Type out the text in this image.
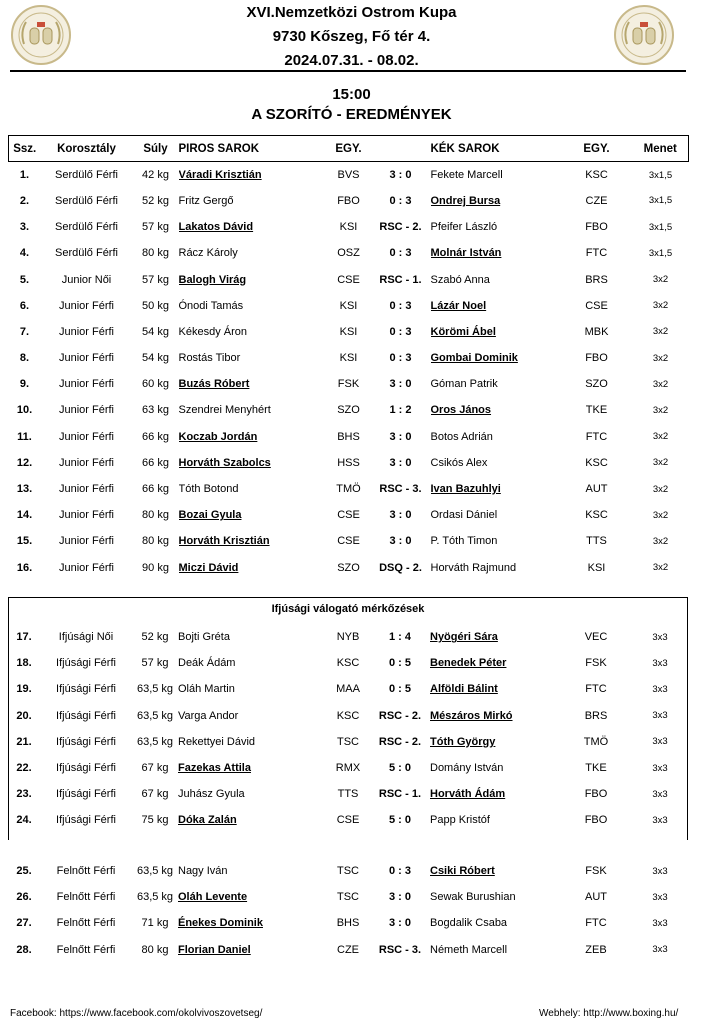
XVI.Nemzetközi Ostrom Kupa
9730 Kőszeg, Fő tér 4.
2024.07.31. - 08.02.
15:00
A SZORÍTÓ - EREDMÉNYEK
Ssz.	Korosztály	Súly	PIROS SAROK	EGY.		KÉK SAROK	EGY.	Menet
1.	Serdülő Férfi	42 kg	Váradi Krisztián	BVS	3 : 0	Fekete Marcell	KSC	3x1,5
2.	Serdülő Férfi	52 kg	Fritz Gergő	FBO	0 : 3	Ondrej Bursa	CZE	3x1,5
3.	Serdülő Férfi	57 kg	Lakatos Dávid	KSI	RSC - 2.	Pfeifer László	FBO	3x1,5
4.	Serdülő Férfi	80 kg	Rácz Károly	OSZ	0 : 3	Molnár István	FTC	3x1,5
5.	Junior Női	57 kg	Balogh Virág	CSE	RSC - 1.	Szabó Anna	BRS	3x2
6.	Junior Férfi	50 kg	Ónodi Tamás	KSI	0 : 3	Lázár Noel	CSE	3x2
7.	Junior Férfi	54 kg	Kékesdy Áron	KSI	0 : 3	Körömi Ábel	MBK	3x2
8.	Junior Férfi	54 kg	Rostás Tibor	KSI	0 : 3	Gombai Dominik	FBO	3x2
9.	Junior Férfi	60 kg	Buzás Róbert	FSK	3 : 0	Góman Patrik	SZO	3x2
10.	Junior Férfi	63 kg	Szendrei Menyhért	SZO	1 : 2	Oros János	TKE	3x2
11.	Junior Férfi	66 kg	Koczab Jordán	BHS	3 : 0	Botos Adrián	FTC	3x2
12.	Junior Férfi	66 kg	Horváth Szabolcs	HSS	3 : 0	Csikós Alex	KSC	3x2
13.	Junior Férfi	66 kg	Tóth Botond	TMÖ	RSC - 3.	Ivan Bazuhlyi	AUT	3x2
14.	Junior Férfi	80 kg	Bozai Gyula	CSE	3 : 0	Ordasi Dániel	KSC	3x2
15.	Junior Férfi	80 kg	Horváth Krisztián	CSE	3 : 0	P. Tóth Timon	TTS	3x2
16.	Junior Férfi	90 kg	Miczi Dávid	SZO	DSQ - 2.	Horváth Rajmund	KSI	3x2
Ifjúsági válogató mérkőzések
17.	Ifjúsági Női	52 kg	Bojti Gréta	NYB	1 : 4	Nyögéri Sára	VEC	3x3
18.	Ifjúsági Férfi	57 kg	Deák Ádám	KSC	0 : 5	Benedek Péter	FSK	3x3
19.	Ifjúsági Férfi	63,5 kg	Oláh Martin	MAA	0 : 5	Alföldi Bálint	FTC	3x3
20.	Ifjúsági Férfi	63,5 kg	Varga Andor	KSC	RSC - 2.	Mészáros Mirkó	BRS	3x3
21.	Ifjúsági Férfi	63,5 kg	Rekettyei Dávid	TSC	RSC - 2.	Tóth György	TMÖ	3x3
22.	Ifjúsági Férfi	67 kg	Fazekas Attila	RMX	5 : 0	Domány István	TKE	3x3
23.	Ifjúsági Férfi	67 kg	Juhász Gyula	TTS	RSC - 1.	Horváth Ádám	FBO	3x3
24.	Ifjúsági Férfi	75 kg	Dóka Zalán	CSE	5 : 0	Papp Kristóf	FBO	3x3
25.	Felnőtt Férfi	63,5 kg	Nagy Iván	TSC	0 : 3	Csiki Róbert	FSK	3x3
26.	Felnőtt Férfi	63,5 kg	Oláh Levente	TSC	3 : 0	Sewak Burushian	AUT	3x3
27.	Felnőtt Férfi	71 kg	Énekes Dominik	BHS	3 : 0	Bogdalik Csaba	FTC	3x3
28.	Felnőtt Férfi	80 kg	Florian Daniel	CZE	RSC - 3.	Németh Marcell	ZEB	3x3
Facebook: https://www.facebook.com/okolvivoszovetseg/	Webhely: http://www.boxing.hu/
